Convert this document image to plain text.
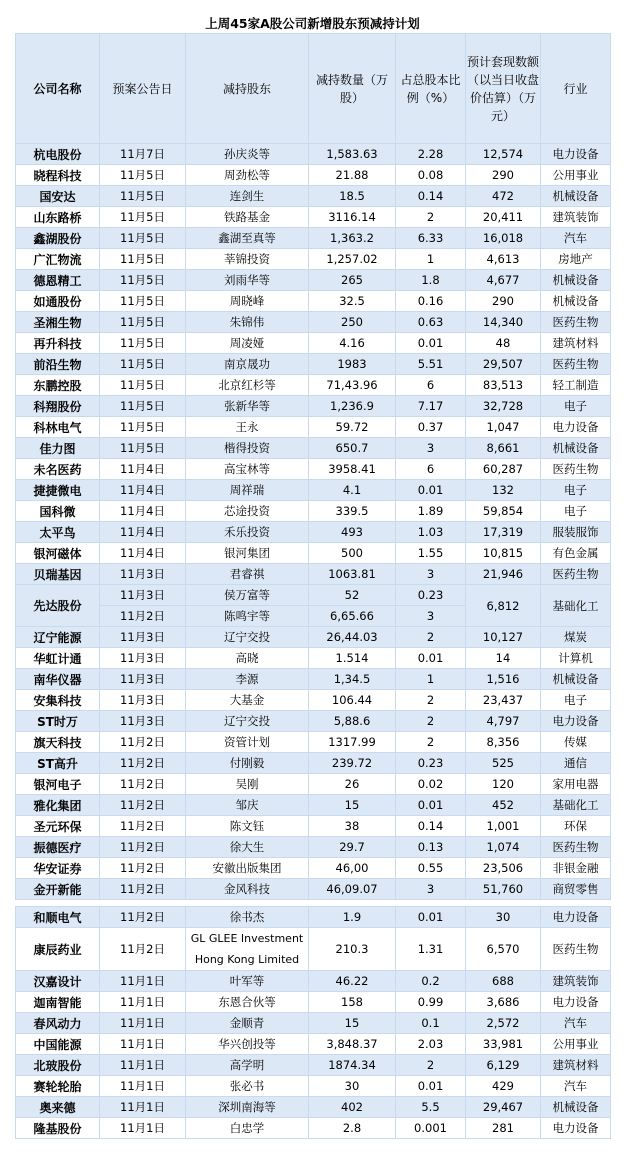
上周45家A股公司新增股东预减持计划
公司名称	预案公告日	减持股东	减持数量（万股）	占总股本比例（%）	预计套现数额（以当日收盘价估算）（万元）	行业
杭电股份	11月7日	孙庆炎等	1,583.63	2.28	12,574	电力设备
晓程科技	11月5日	周劲松等	21.88	0.08	290	公用事业
国安达	11月5日	连剑生	18.5	0.14	472	机械设备
山东路桥	11月5日	铁路基金	3116.14	2	20,411	建筑装饰
鑫湖股份	11月5日	鑫湖至真等	1,363.2	6.33	16,018	汽车
广汇物流	11月5日	莘锦投资	1,257.02	1	4,613	房地产
德恩精工	11月5日	刘雨华等	265	1.8	4,677	机械设备
如通股份	11月5日	周晓峰	32.5	0.16	290	机械设备
圣湘生物	11月5日	朱锦伟	250	0.63	14,340	医药生物
再升科技	11月5日	周凌娅	4.16	0.01	48	建筑材料
前沿生物	11月5日	南京晟功	1983	5.51	29,507	医药生物
东鹏控股	11月5日	北京红杉等	71,43.96	6	83,513	轻工制造
科翔股份	11月5日	张新华等	1,236.9	7.17	32,728	电子
科林电气	11月5日	王永	59.72	0.37	1,047	电力设备
佳力图	11月5日	楷得投资	650.7	3	8,661	机械设备
未名医药	11月4日	高宝林等	3958.41	6	60,287	医药生物
捷捷微电	11月4日	周祥瑞	4.1	0.01	132	电子
国科微	11月4日	芯途投资	339.5	1.89	59,854	电子
太平鸟	11月4日	禾乐投资	493	1.03	17,319	服装服饰
银河磁体	11月4日	银河集团	500	1.55	10,815	有色金属
贝瑞基因	11月3日	君睿祺	1063.81	3	21,946	医药生物
先达股份	11月3日	侯万富等	52	0.23	6,812	基础化工
	11月2日	陈鸣宇等	6,65.66	3		
辽宁能源	11月3日	辽宁交投	26,44.03	2	10,127	煤炭
华虹计通	11月3日	高晓	1.514	0.01	14	计算机
南华仪器	11月3日	李源	1,34.5	1	1,516	机械设备
安集科技	11月3日	大基金	106.44	2	23,437	电子
ST时万	11月3日	辽宁交投	5,88.6	2	4,797	电力设备
旗天科技	11月2日	资管计划	1317.99	2	8,356	传媒
ST高升	11月2日	付刚毅	239.72	0.23	525	通信
银河电子	11月2日	吴刚	26	0.02	120	家用电器
雅化集团	11月2日	邹庆	15	0.01	452	基础化工
圣元环保	11月2日	陈文钰	38	0.14	1,001	环保
振德医疗	11月2日	徐大生	29.7	0.13	1,074	医药生物
华安证券	11月2日	安徽出版集团	46,00	0.55	23,506	非银金融
金开新能	11月2日	金风科技	46,09.07	3	51,760	商贸零售
和顺电气	11月2日	徐书杰	1.9	0.01	30	电力设备
康辰药业	11月2日	GL GLEE Investment Hong Kong Limited	210.3	1.31	6,570	医药生物
汉嘉设计	11月1日	叶军等	46.22	0.2	688	建筑装饰
迦南智能	11月1日	东恩合伙等	158	0.99	3,686	电力设备
春风动力	11月1日	金顺青	15	0.1	2,572	汽车
中国能源	11月1日	华兴创投等	3,848.37	2.03	33,981	公用事业
北玻股份	11月1日	高学明	1874.34	2	6,129	建筑材料
赛轮轮胎	11月1日	张必书	30	0.01	429	汽车
奥来德	11月1日	深圳南海等	402	5.5	29,467	机械设备
隆基股份	11月1日	白忠学	2.8	0.001	281	电力设备
